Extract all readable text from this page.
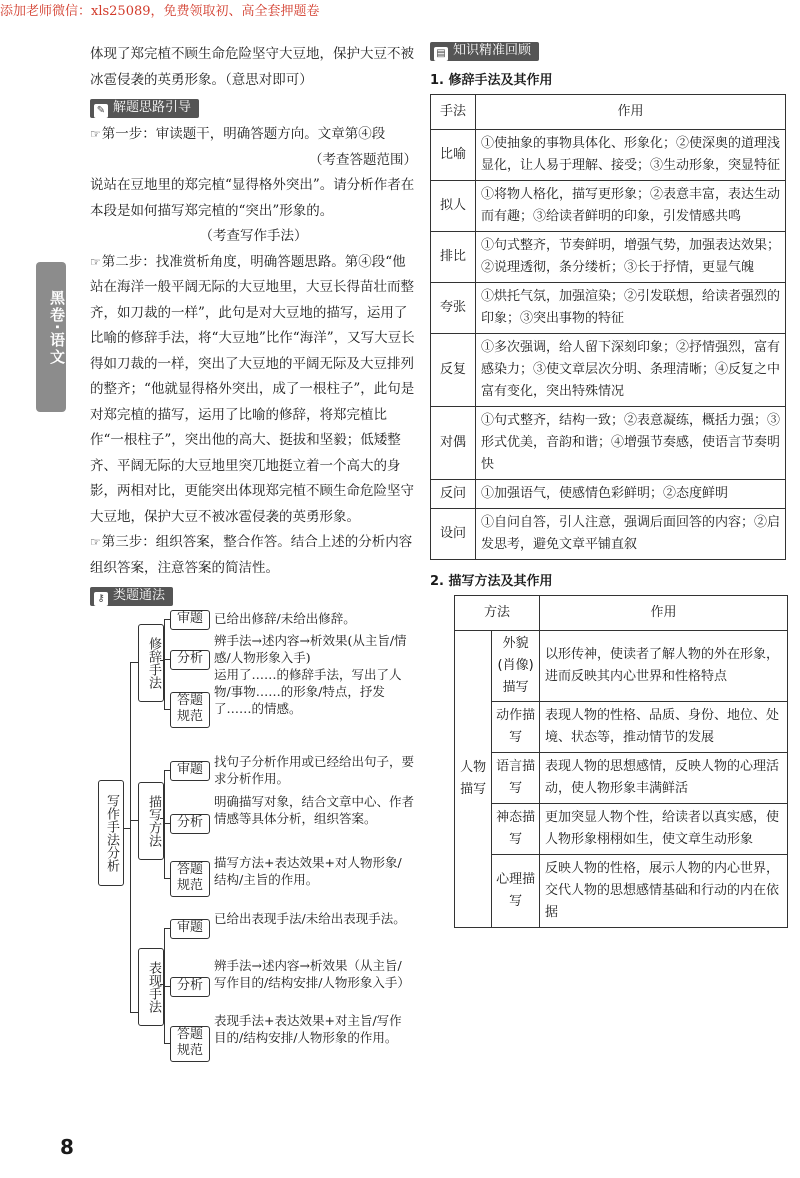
添加老师微信：xls25089，免费领取初、高全套押题卷
黑卷·语文

体现了郑完植不顾生命危险坚守大豆地，保护大豆不被冰雹侵袭的英勇形象。（意思对即可）

✎ 解题思路引导

☞第一步：审读题干，明确答题方向。文章第④段

（考查答题范围）

说站在豆地里的郑完植“显得格外突出”。请分析作者在本段是如何描写郑完植的“突出”形象的。

（考查写作手法）

☞第二步：找准赏析角度，明确答题思路。第④段“他站在海洋一般平阔无际的大豆地里，大豆长得苗壮而整齐，如刀裁的一样”，此句是对大豆地的描写，运用了比喻的修辞手法，将“大豆地”比作“海洋”，又写大豆长得如刀裁的一样，突出了大豆地的平阔无际及大豆排列的整齐；“他就显得格外突出，成了一根柱子”，此句是对郑完植的描写，运用了比喻的修辞，将郑完植比作“一根柱子”，突出他的高大、挺拔和坚毅；低矮整齐、平阔无际的大豆地里突兀地挺立着一个高大的身影，两相对比，更能突出体现郑完植不顾生命危险坚守大豆地，保护大豆不被冰雹侵袭的英勇形象。

☞第三步：组织答案，整合作答。结合上述的分析内容组织答案，注意答案的简洁性。

⚷ 类题通法
写作手法分析
修辞手法
审题 已给出修辞/未给出修辞。
分析
辨手法→述内容→析效果(从主旨/情感/人物形象入手)
答题规范
运用了……的修辞手法，写出了人物/事物……的形象/特点，抒发了……的情感。
描写方法
审题
找句子分析作用或已经给出句子，要求分析作用。
分析
明确描写对象，结合文章中心、作者情感等具体分析，组织答案。
答题规范
描写方法+表达效果+对人物形象/结构/主旨的作用。
表现手法
审题
已给出表现手法/未给出表现手法。
分析
辨手法→述内容→析效果（从主旨/写作目的/结构安排/人物形象入手）
答题规范
表现手法+表达效果+对主旨/写作目的/结构安排/人物形象的作用。
▤ 知识精准回顾
1. 修辞手法及其作用
手法	作用
比喻	①使抽象的事物具体化、形象化；②使深奥的道理浅显化，让人易于理解、接受；③生动形象，突显特征
拟人	①将物人格化，描写更形象；②表意丰富，表达生动而有趣；③给读者鲜明的印象，引发情感共鸣
排比	①句式整齐，节奏鲜明，增强气势，加强表达效果；②说理透彻，条分缕析；③长于抒情，更显气魄
夸张	①烘托气氛，加强渲染；②引发联想，给读者强烈的印象；③突出事物的特征
反复	①多次强调，给人留下深刻印象；②抒情强烈，富有感染力；③使文章层次分明、条理清晰；④反复之中富有变化，突出特殊情况
对偶	①句式整齐，结构一致；②表意凝练，概括力强；③形式优美，音韵和谐；④增强节奏感，使语言节奏明快
反问	①加强语气，使感情色彩鲜明；②态度鲜明
设问	①自问自答，引人注意，强调后面回答的内容；②启发思考，避免文章平铺直叙
2. 描写方法及其作用
方法		作用
人物描写	外貌(肖像)描写	以形传神，使读者了解人物的外在形象，进而反映其内心世界和性格特点
	动作描写	表现人物的性格、品质、身份、地位、处境、状态等，推动情节的发展
	语言描写	表现人物的思想感情，反映人物的心理活动，使人物形象丰满鲜活
	神态描写	更加突显人物个性，给读者以真实感，使人物形象栩栩如生，使文章生动形象
	心理描写	反映人物的性格，展示人物的内心世界，交代人物的思想感情基础和行动的内在依据
8
